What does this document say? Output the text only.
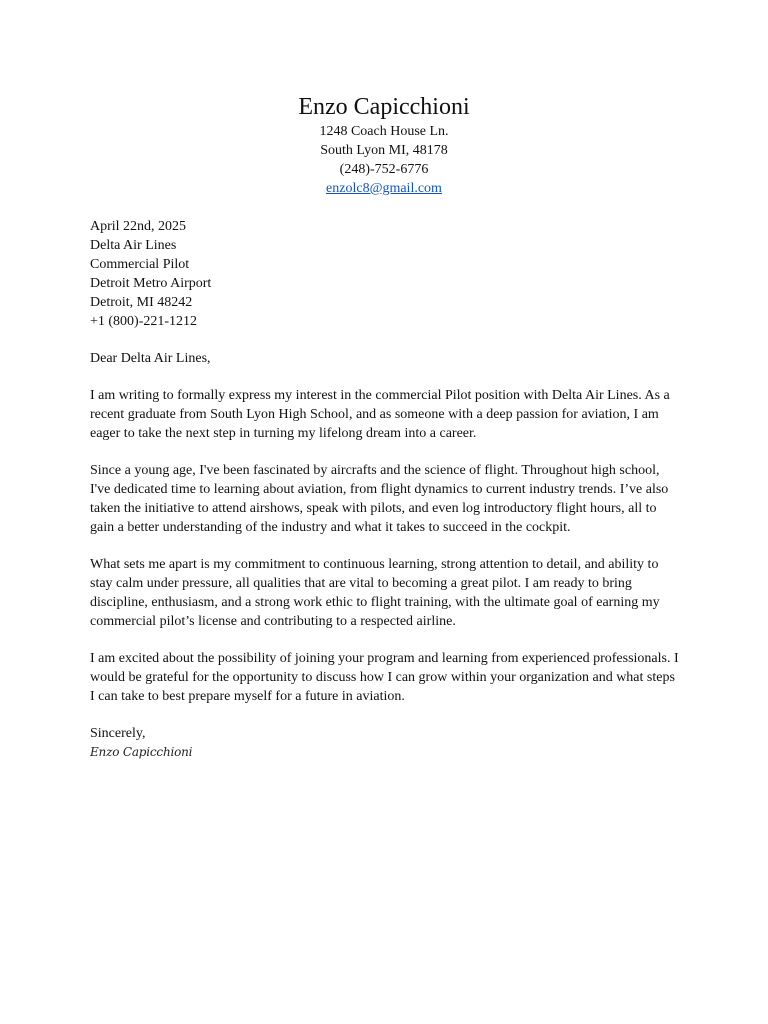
Enzo Capicchioni
1248 Coach House Ln.
South Lyon MI, 48178
(248)-752-6776
enzolc8@gmail.com
April 22nd, 2025
Delta Air Lines
Commercial Pilot
Detroit Metro Airport
Detroit, MI 48242
+1 (800)-221-1212

Dear Delta Air Lines,

I am writing to formally express my interest in the commercial Pilot position with Delta Air Lines. As a recent graduate from South Lyon High School, and as someone with a deep passion for aviation, I am eager to take the next step in turning my lifelong dream into a career.

Since a young age, I've been fascinated by aircrafts and the science of flight. Throughout high school, I've dedicated time to learning about aviation, from flight dynamics to current industry trends. I’ve also taken the initiative to attend airshows, speak with pilots, and even log introductory flight hours, all to gain a better understanding of the industry and what it takes to succeed in the cockpit.

What sets me apart is my commitment to continuous learning, strong attention to detail, and ability to stay calm under pressure, all qualities that are vital to becoming a great pilot. I am ready to bring discipline, enthusiasm, and a strong work ethic to flight training, with the ultimate goal of earning my commercial pilot’s license and contributing to a respected airline.

I am excited about the possibility of joining your program and learning from experienced professionals. I would be grateful for the opportunity to discuss how I can grow within your organization and what steps I can take to best prepare myself for a future in aviation.

Sincerely,
Enzo Capicchioni
